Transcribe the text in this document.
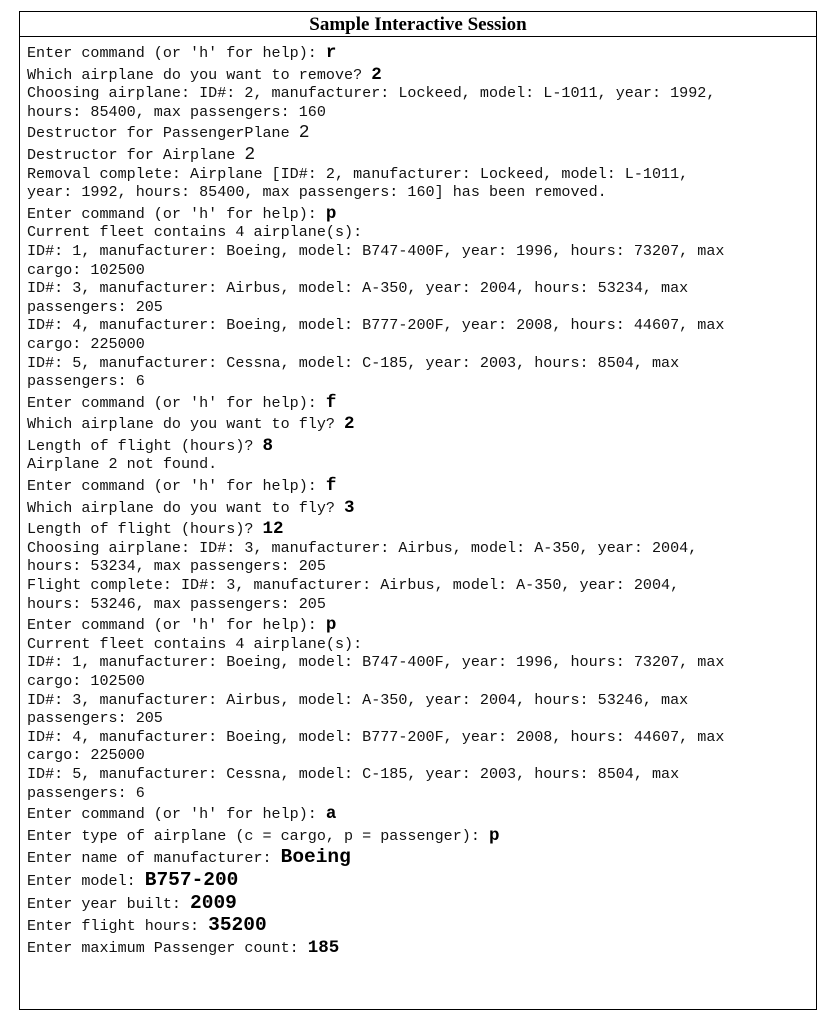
Sample Interactive Session
Enter command (or 'h' for help): r
Which airplane do you want to remove? 2
Choosing airplane: ID#: 2, manufacturer: Lockeed, model: L-1011, year: 1992,
hours: 85400, max passengers: 160
Destructor for PassengerPlane 2
Destructor for Airplane 2
Removal complete: Airplane [ID#: 2, manufacturer: Lockeed, model: L-1011,
year: 1992, hours: 85400, max passengers: 160] has been removed.
Enter command (or 'h' for help): p
Current fleet contains 4 airplane(s):
ID#: 1, manufacturer: Boeing, model: B747-400F, year: 1996, hours: 73207, max
cargo: 102500
ID#: 3, manufacturer: Airbus, model: A-350, year: 2004, hours: 53234, max
passengers: 205
ID#: 4, manufacturer: Boeing, model: B777-200F, year: 2008, hours: 44607, max
cargo: 225000
ID#: 5, manufacturer: Cessna, model: C-185, year: 2003, hours: 8504, max
passengers: 6
Enter command (or 'h' for help): f
Which airplane do you want to fly? 2
Length of flight (hours)? 8
Airplane 2 not found.
Enter command (or 'h' for help): f
Which airplane do you want to fly? 3
Length of flight (hours)? 12
Choosing airplane: ID#: 3, manufacturer: Airbus, model: A-350, year: 2004,
hours: 53234, max passengers: 205
Flight complete: ID#: 3, manufacturer: Airbus, model: A-350, year: 2004,
hours: 53246, max passengers: 205
Enter command (or 'h' for help): p
Current fleet contains 4 airplane(s):
ID#: 1, manufacturer: Boeing, model: B747-400F, year: 1996, hours: 73207, max
cargo: 102500
ID#: 3, manufacturer: Airbus, model: A-350, year: 2004, hours: 53246, max
passengers: 205
ID#: 4, manufacturer: Boeing, model: B777-200F, year: 2008, hours: 44607, max
cargo: 225000
ID#: 5, manufacturer: Cessna, model: C-185, year: 2003, hours: 8504, max
passengers: 6
Enter command (or 'h' for help): a
Enter type of airplane (c = cargo, p = passenger): p
Enter name of manufacturer: Boeing
Enter model: B757-200
Enter year built: 2009
Enter flight hours: 35200
Enter maximum Passenger count: 185
